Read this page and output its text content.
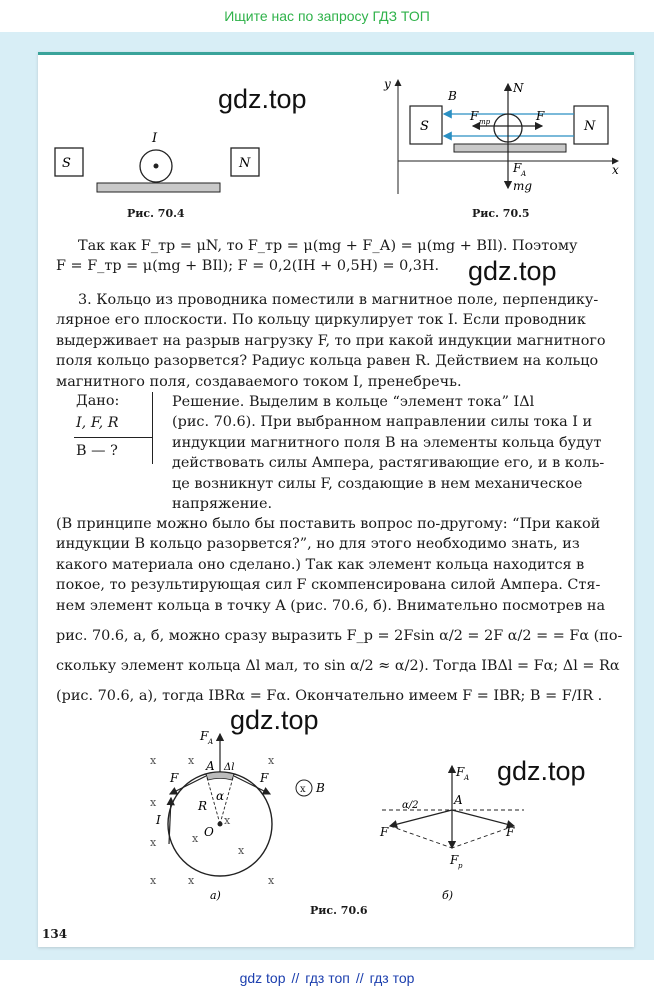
Ищите нас по запросу ГДЗ ТОП
gdz.top
gdz.top
gdz.top
gdz.top
S	N
I
Рис. 70.4
y
x
S	N
B
N
F
F тр
F А
mg
Рис. 70.5
Так как F_тр = μN, то F_тр = μ(mg + F_А) = μ(mg + BIl). Поэтому
F = F_тр = μ(mg + BIl); F = 0,2(IH + 0,5H) = 0,3Н.
3. Кольцо из проводника поместили в магнитное поле, перпендику-
лярное его плоскости. По кольцу циркулирует ток I. Если проводник
выдерживает на разрыв нагрузку F, то при какой индукции магнитного
поля кольцо разорвется? Радиус кольца равен R. Действием на кольцо
магнитного поля, создаваемого током I, пренебречь.
Дано:
I, F, R
B — ?
Решение. Выделим в кольце “элемент тока” IΔl
(рис. 70.6). При выбранном направлении силы тока I и
индукции магнитного поля B на элементы кольца будут
действовать силы Ампера, растягивающие его, и в коль-
це возникнут силы F, создающие в нем механическое
напряжение.
(В принципе можно было бы поставить вопрос по-другому: “При какой
индукции B кольцо разорвется?”, но для этого необходимо знать, из
какого материала оно сделано.) Так как элемент кольца находится в
покое, то результирующая сил F скомпенсирована силой Ампера. Стя-
нем элемент кольца в точку A (рис. 70.6, б). Внимательно посмотрев на
рис. 70.6, а, б, можно сразу выразить F_р = 2Fsin α/2 = 2F α/2 = = Fα (по-
скольку элемент кольца Δl мал, то sin α/2 ≈ α/2). Тогда IBΔl = Fα; Δl = Rα
(рис. 70.6, а), тогда IBRα = Fα. Окончательно имеем F = IBR; B = F/IR .
x
x
x
x
x
x
x
x
x
x
x O
R
α
A Δl
F А
F	F
I
x B
а)
F А
F	F
A
α/2
F р
б)
Рис. 70.6
134
gdz top // гдз топ // гдз тор
